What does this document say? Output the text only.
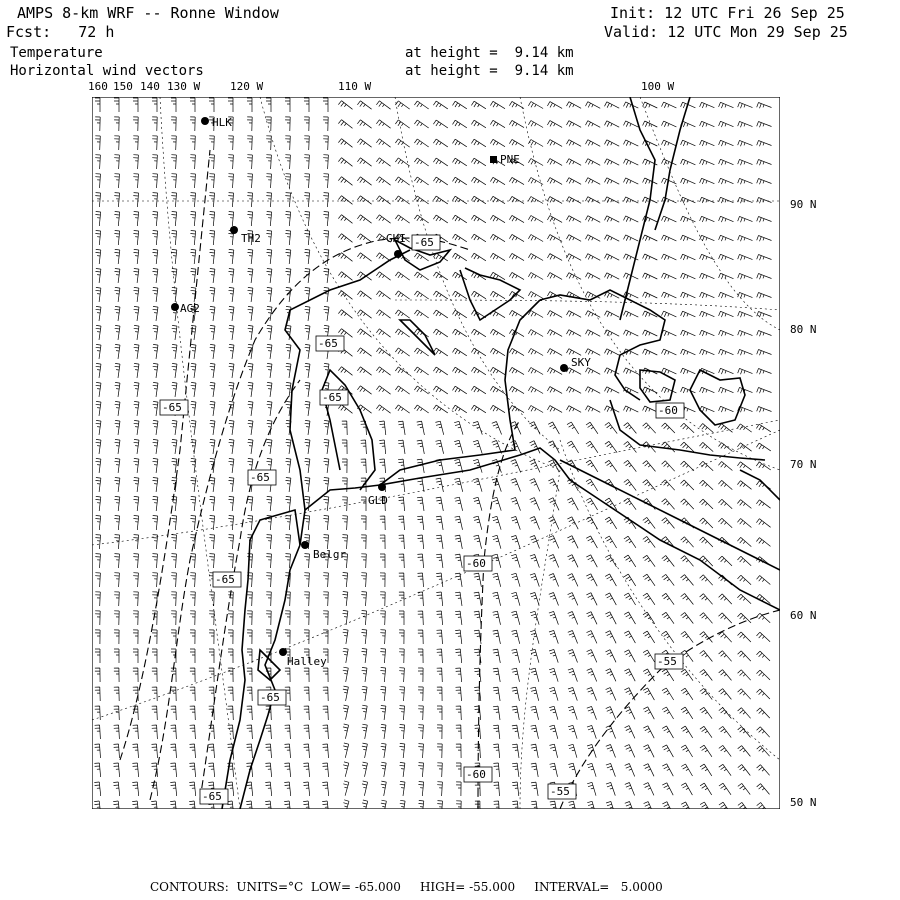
AMPS 8-km WRF -- Ronne Window
Fcst:   72 h
Init: 12 UTC Fri 26 Sep 25
Valid: 12 UTC Mon 29 Sep 25
Temperature
Horizontal wind vectors
at height =  9.14 km
at height =  9.14 km
160 150 140 130 W	120 W	110 W	100 W
90 N
80 N
70 N
60 N
50 N
HLK
PNE
TH2	GHI
AG2
SKY
GLD
Belgr
Halley
-65
-65
-65
-65
-65
-65
-65
-60
-60
-60
-55
-55
-65
CONTOURS:  UNITS=°C  LOW= -65.000     HIGH= -55.000     INTERVAL=   5.0000
